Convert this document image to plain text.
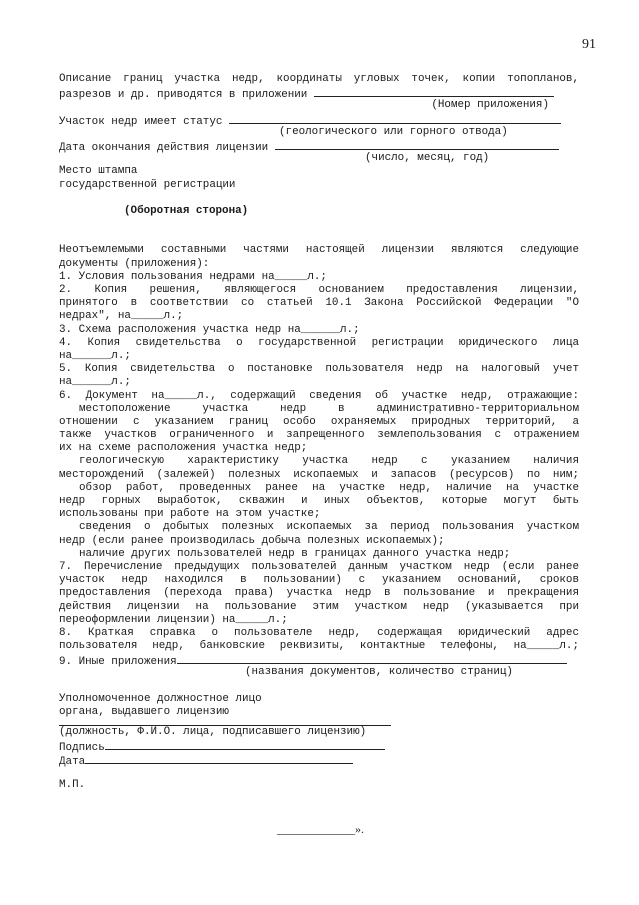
91
Описание границ участка недр, координаты угловых точек, копии топопланов,
разрезов и др. приводятся в приложении
(Номер приложения)
Участок недр имеет статус
(геологического или горного отвода)
Дата окончания действия лицензии
(число, месяц, год)
Место штампа
государственной регистрации
(Оборотная сторона)
Неотъемлемыми составными частями настоящей лицензии являются следующие
документы (приложения):
1. Условия пользования недрами на_____л.;
2. Копия решения, являющегося основанием предоставления лицензии,
принятого в соответствии со статьей 10.1 Закона Российской Федерации "О
недрах", на_____л.;
3. Схема расположения участка недр на______л.;
4. Копия свидетельства о государственной регистрации юридического лица
на______л.;
5. Копия свидетельства о постановке пользователя недр на налоговый учет
на______л.;
6. Документ на_____л., содержащий сведения об участке недр, отражающие:
местоположение участка недр в административно-территориальном
отношении с указанием границ особо охраняемых природных территорий, а
также участков ограниченного и запрещенного землепользования с отражением
их на схеме расположения участка недр;
геологическую характеристику участка недр с указанием наличия
месторождений (залежей) полезных ископаемых и запасов (ресурсов) по ним;
обзор работ, проведенных ранее на участке недр, наличие на участке
недр горных выработок, скважин и иных объектов, которые могут быть
использованы при работе на этом участке;
сведения о добытых полезных ископаемых за период пользования участком
недр (если ранее производилась добыча полезных ископаемых);
наличие других пользователей недр в границах данного участка недр;
7. Перечисление предыдущих пользователей данным участком недр (если ранее
участок недр находился в пользовании) с указанием оснований, сроков
предоставления (перехода права) участка недр в пользование и прекращения
действия лицензии на пользование этим участком недр (указывается при
переоформлении лицензии) на_____л.;
8. Краткая справка о пользователе недр, содержащая юридический адрес
пользователя недр, банковские реквизиты, контактные телефоны, на_____л.;
9. Иные приложения
(названия документов, количество страниц)
Уполномоченное должностное лицо
органа, выдавшего лицензию
(должность, Ф.И.О. лица, подписавшего лицензию)
Подпись
Дата
М.П.
_____________».
